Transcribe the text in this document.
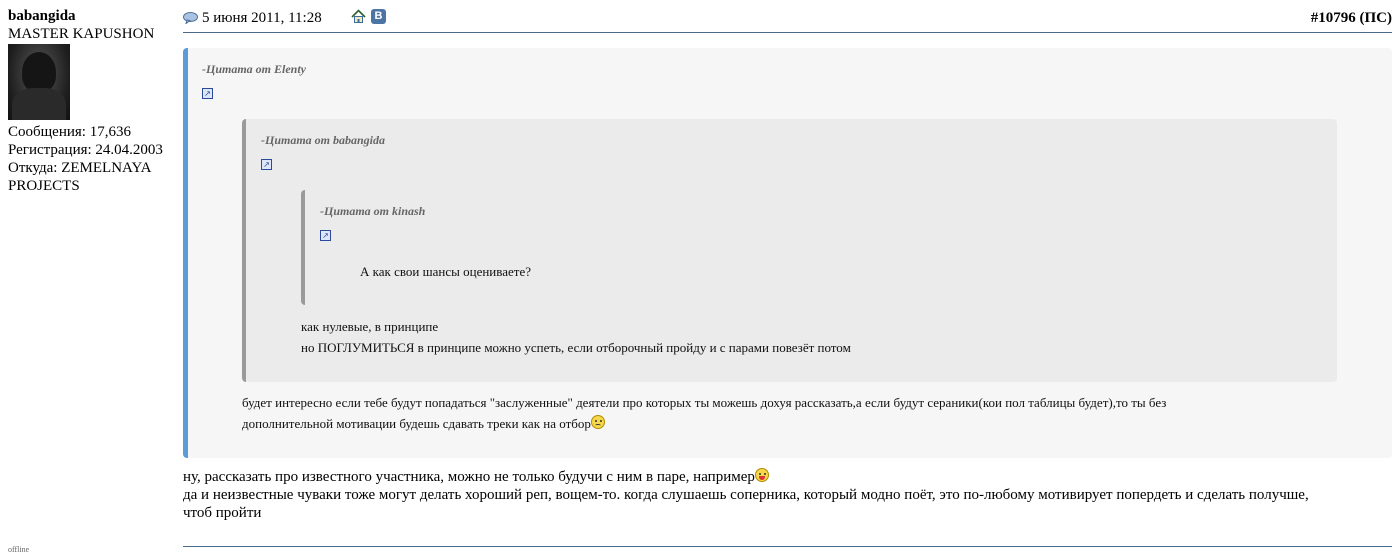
babangida
MASTER KAPUSHON
Сообщения: 17,636
Регистрация: 24.04.2003
Откуда: ZEMELNAYA
PROJECTS
offline
5 июня 2011, 11:28	В	#10796 (ПС)
-Цитата от Elenty
↗
-Цитата от babangida
↗
-Цитата от kinash
↗
А как свои шансы оцениваете?
как нулевые, в принципе
но ПОГЛУМИТЬСЯ в принципе можно успеть, если отборочный пройду и с парами повезёт потом
будет интересно если тебе будут попадаться "заслуженные" деятели про которых ты можешь дохуя рассказать,а если будут сераники(кои пол таблицы будет),то ты без
дополнительной мотивации будешь сдавать треки как на отбор
ну, рассказать про известного участника, можно не только будучи с ним в паре, например
да и неизвестные чуваки тоже могут делать хороший реп, вощем-то. когда слушаешь соперника, который модно поёт, это по-любому мотивирует попердеть и сделать получше,
чтоб пройти
